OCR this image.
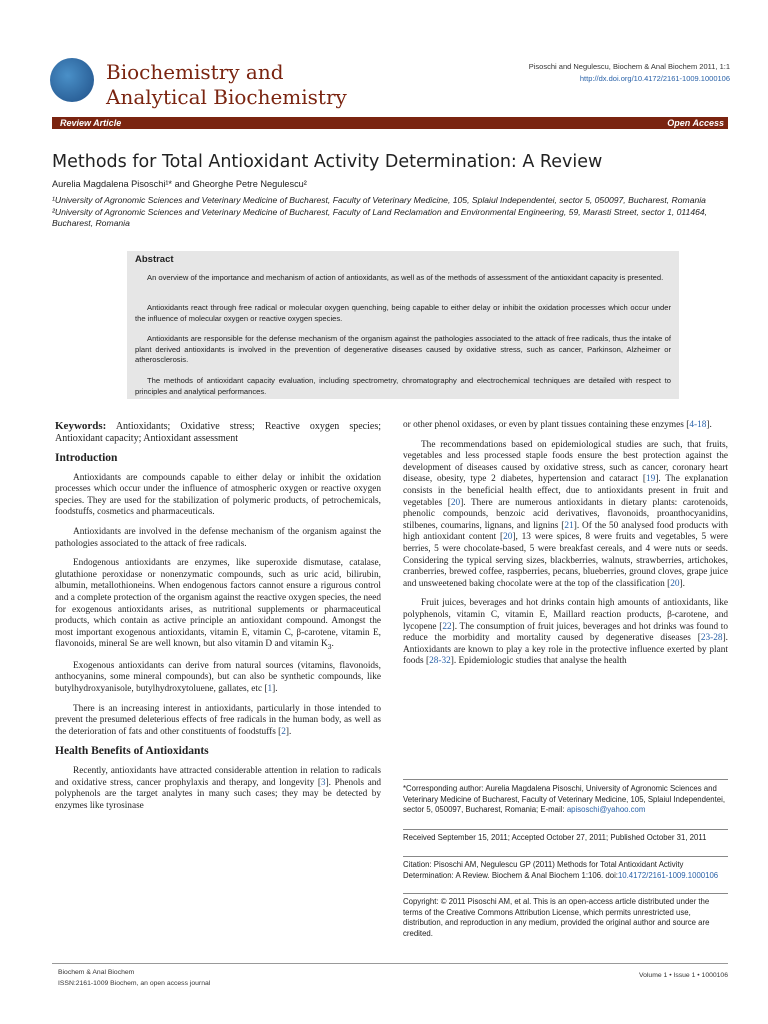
Biochemistry and
Analytical Biochemistry
Pisoschi and Negulescu, Biochem & Anal Biochem 2011, 1:1
http://dx.doi.org/10.4172/2161-1009.1000106
Review Article	Open Access
Methods for Total Antioxidant Activity Determination: A Review
Aurelia Magdalena Pisoschi¹* and Gheorghe Petre Negulescu²
¹University of Agronomic Sciences and Veterinary Medicine of Bucharest, Faculty of Veterinary Medicine, 105, Splaiul Independentei, sector 5, 050097, Bucharest, Romania
²University of Agronomic Sciences and Veterinary Medicine of Bucharest, Faculty of Land Reclamation and Environmental Engineering, 59, Marasti Street, sector 1, 011464, Bucharest, Romania
Abstract

An overview of the importance and mechanism of action of antioxidants, as well as of the methods of assessment of the antioxidant capacity is presented.

Antioxidants react through free radical or molecular oxygen quenching, being capable to either delay or inhibit the oxidation processes which occur under the influence of molecular oxygen or reactive oxygen species.

Antioxidants are responsible for the defense mechanism of the organism against the pathologies associated to the attack of free radicals, thus the intake of plant derived antioxidants is involved in the prevention of degenerative diseases caused by oxidative stress, such as cancer, Parkinson, Alzheimer or atherosclerosis.

The methods of antioxidant capacity evaluation, including spectrometry, chromatography and electrochemical techniques are detailed with respect to principles and analytical performances.

Keywords: Antioxidants; Oxidative stress; Reactive oxygen species; Antioxidant capacity; Antioxidant assessment

Introduction

Antioxidants are compounds capable to either delay or inhibit the oxidation processes which occur under the influence of atmospheric oxygen or reactive oxygen species. They are used for the stabilization of polymeric products, of petrochemicals, foodstuffs, cosmetics and pharmaceuticals.

Antioxidants are involved in the defense mechanism of the organism against the pathologies associated to the attack of free radicals.

Endogenous antioxidants are enzymes, like superoxide dismutase, catalase, glutathione peroxidase or nonenzymatic compounds, such as uric acid, bilirubin, albumin, metallothioneins. When endogenous factors cannot ensure a rigurous control and a complete protection of the organism against the reactive oxygen species, the need for exogenous antioxidants arises, as nutritional supplements or pharmaceutical products, which contain as active principle an antioxidant compound. Amongst the most important exogenous antioxidants, vitamin E, vitamin C, β-carotene, vitamin E, flavonoids, mineral Se are well known, but also vitamin D and vitamin $K_3$.

Exogenous antioxidants can derive from natural sources (vitamins, flavonoids, anthocyanins, some mineral compounds), but can also be synthetic compounds, like butylhydroxyanisole, butylhydroxytoluene, gallates, etc [1].

There is an increasing interest in antioxidants, particularly in those intended to prevent the presumed deleterious effects of free radicals in the human body, as well as the deterioration of fats and other constituents of foodstuffs [2].

Health Benefits of Antioxidants

Recently, antioxidants have attracted considerable attention in relation to radicals and oxidative stress, cancer prophylaxis and therapy, and longevity [3]. Phenols and polyphenols are the target analytes in many such cases; they may be detected by enzymes like tyrosinase

or other phenol oxidases, or even by plant tissues containing these enzymes [4-18].

The recommendations based on epidemiological studies are such, that fruits, vegetables and less processed staple foods ensure the best protection against the development of diseases caused by oxidative stress, such as cancer, coronary heart disease, obesity, type 2 diabetes, hypertension and cataract [19]. The explanation consists in the beneficial health effect, due to antioxidants present in fruit and vegetables [20]. There are numerous antioxidants in dietary plants: carotenoids, phenolic compounds, benzoic acid derivatives, flavonoids, proanthocyanidins, stilbenes, coumarins, lignans, and lignins [21]. Of the 50 analysed food products with high antioxidant content [20], 13 were spices, 8 were fruits and vegetables, 5 were berries, 5 were chocolate-based, 5 were breakfast cereals, and 4 were nuts or seeds. Considering the typical serving sizes, blackberries, walnuts, strawberries, artichokes, cranberries, brewed coffee, raspberries, pecans, blueberries, ground cloves, grape juice and unsweetened baking chocolate were at the top of the classification [20].

Fruit juices, beverages and hot drinks contain high amounts of antioxidants, like polyphenols, vitamin C, vitamin E, Maillard reaction products, β-carotene, and lycopene [22]. The consumption of fruit juices, beverages and hot drinks was found to reduce the morbidity and mortality caused by degenerative diseases [23-28]. Antioxidants are known to play a key role in the protective influence exerted by plant foods [28-32]. Epidemiologic studies that analyse the health

*Corresponding author: Aurelia Magdalena Pisoschi, University of Agronomic Sciences and Veterinary Medicine of Bucharest, Faculty of Veterinary Medicine, 105, Splaiul Independentei, sector 5, 050097, Bucharest, Romania; E-mail: apisoschi@yahoo.com
Received September 15, 2011; Accepted October 27, 2011; Published October 31, 2011
Citation: Pisoschi AM, Negulescu GP (2011) Methods for Total Antioxidant Activity Determination: A Review. Biochem & Anal Biochem 1:106. doi:10.4172/2161-1009.1000106
Copyright: © 2011 Pisoschi AM, et al. This is an open-access article distributed under the terms of the Creative Commons Attribution License, which permits unrestricted use, distribution, and reproduction in any medium, provided the original author and source are credited.
Biochem & Anal Biochem
ISSN:2161-1009 Biochem, an open access journal
Volume 1 • Issue 1 • 1000106
